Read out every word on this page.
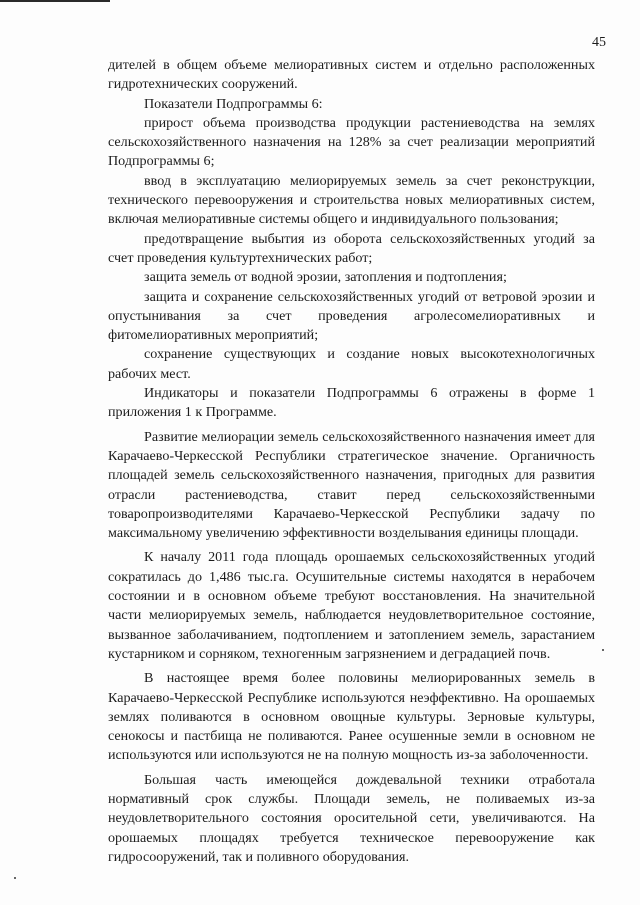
45

дителей в общем объеме мелиоративных систем и отдельно расположенных гидротехнических сооружений.

Показатели Подпрограммы 6:

прирост объема производства продукции растениеводства на землях сельскохозяйственного назначения на 128% за счет реализации мероприятий Подпрограммы 6;

ввод в эксплуатацию мелиорируемых земель за счет реконструкции, технического перевооружения и строительства новых мелиоративных систем, включая мелиоративные системы общего и индивидуального пользования;

предотвращение выбытия из оборота сельскохозяйственных угодий за счет проведения культуртехнических работ;

защита земель от водной эрозии, затопления и подтопления;

защита и сохранение сельскохозяйственных угодий от ветровой эрозии и опустынивания за счет проведения агролесомелиоративных и фитомелиоративных мероприятий;

сохранение существующих и создание новых высокотехнологичных рабочих мест.

Индикаторы и показатели Подпрограммы 6 отражены в форме 1 приложения 1 к Программе.

Развитие мелиорации земель сельскохозяйственного назначения имеет для Карачаево-Черкесской Республики стратегическое значение. Органичность площадей земель сельскохозяйственного назначения, пригодных для развития отрасли растениеводства, ставит перед сельскохозяйственными товаропроизводителями Карачаево-Черкесской Республики задачу по максимальному увеличению эффективности возделывания единицы площади.

К началу 2011 года площадь орошаемых сельскохозяйственных угодий сократилась до 1,486 тыс.га. Осушительные системы находятся в нерабочем состоянии и в основном объеме требуют восстановления. На значительной части мелиорируемых земель, наблюдается неудовлетворительное состояние, вызванное заболачиванием, подтоплением и затоплением земель, зарастанием кустарником и сорняком, техногенным загрязнением и деградацией почв.

В настоящее время более половины мелиорированных земель в Карачаево-Черкесской Республике используются неэффективно. На орошаемых землях поливаются в основном овощные культуры. Зерновые культуры, сенокосы и пастбища не поливаются. Ранее осушенные земли в основном не используются или используются не на полную мощность из-за заболоченности.

Большая часть имеющейся дождевальной техники отработала нормативный срок службы. Площади земель, не поливаемых из-за неудовлетворительного состояния оросительной сети, увеличиваются. На орошаемых площадях требуется техническое перевооружение как гидросооружений, так и поливного оборудования.
